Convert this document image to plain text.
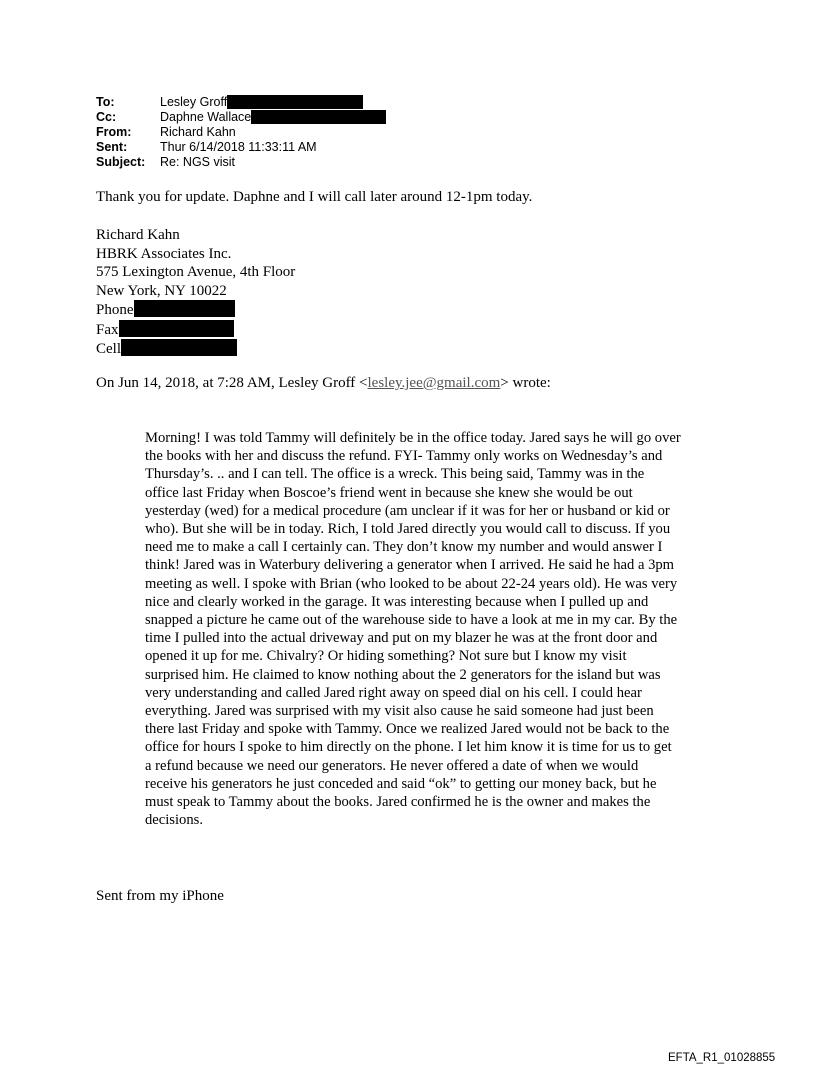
To:	Lesley Groff
Cc:	Daphne Wallace
From:	Richard Kahn
Sent:	Thur 6/14/2018 11:33:11 AM
Subject:	Re: NGS visit
Thank you for update. Daphne and I will call later around 12-1pm today.
Richard Kahn
HBRK Associates Inc.
575 Lexington Avenue, 4th Floor
New York, NY 10022
Phone
Fax
Cell
On Jun 14, 2018, at 7:28 AM, Lesley Groff <lesley.jee@gmail.com> wrote:
Morning! I was told Tammy will definitely be in the office today. Jared says he will go over the books with her and discuss the refund. FYI- Tammy only works on Wednesday’s and Thursday’s. .. and I can tell. The office is a wreck. This being said, Tammy was in the office last Friday when Boscoe’s friend went in because she knew she would be out yesterday (wed) for a medical procedure (am unclear if it was for her or husband or kid or who). But she will be in today. Rich, I told Jared directly you would call to discuss. If you need me to make a call I certainly can. They don’t know my number and would answer I think! Jared was in Waterbury delivering a generator when I arrived. He said he had a 3pm meeting as well. I spoke with Brian (who looked to be about 22-24 years old). He was very nice and clearly worked in the garage. It was interesting because when I pulled up and snapped a picture he came out of the warehouse side to have a look at me in my car. By the time I pulled into the actual driveway and put on my blazer he was at the front door and opened it up for me. Chivalry? Or hiding something? Not sure but I know my visit surprised him. He claimed to know nothing about the 2 generators for the island but was very understanding and called Jared right away on speed dial on his cell. I could hear everything. Jared was surprised with my visit also cause he said someone had just been there last Friday and spoke with Tammy. Once we realized Jared would not be back to the office for hours I spoke to him directly on the phone. I let him know it is time for us to get a refund because we need our generators. He never offered a date of when we would receive his generators he just conceded and said “ok” to getting our money back, but he must speak to Tammy about the books. Jared confirmed he is the owner and makes the decisions.
Sent from my iPhone
EFTA_R1_01028855
